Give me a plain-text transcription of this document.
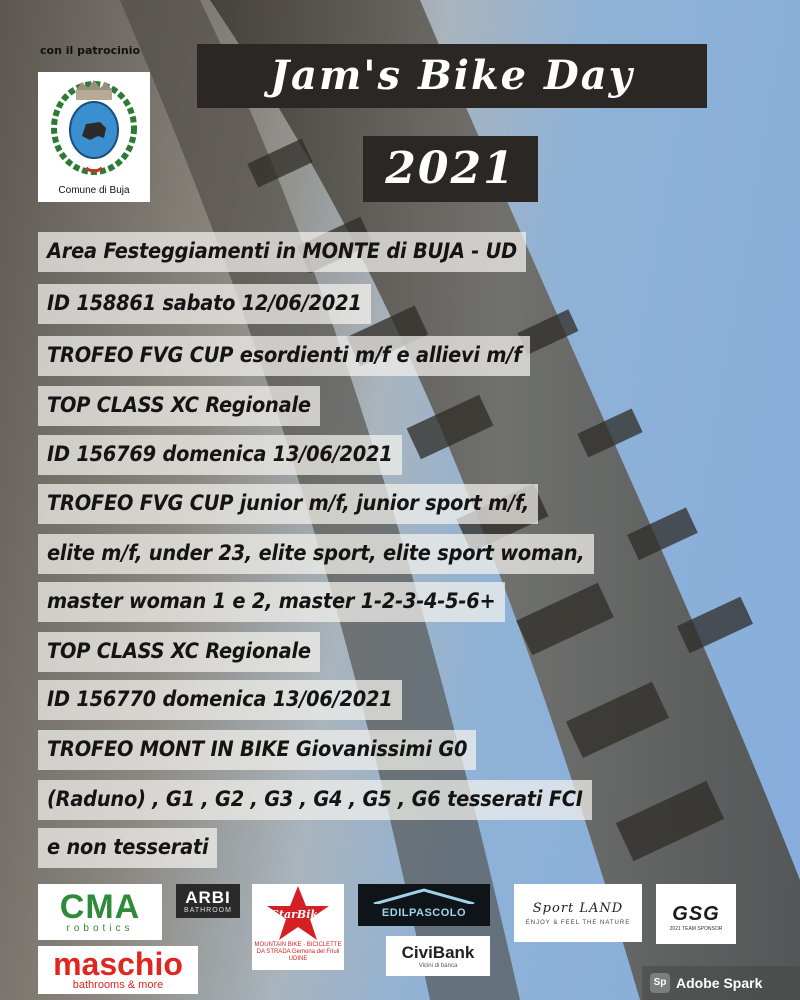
con il patrocinio
Comune di Buja
Jam's Bike Day
2021
Area Festeggiamenti in MONTE di BUJA - UD
ID 158861 sabato 12/06/2021
TROFEO FVG CUP esordienti m/f e allievi m/f
TOP CLASS XC Regionale
ID 156769 domenica 13/06/2021
TROFEO FVG CUP junior m/f, junior sport m/f,
elite m/f, under 23, elite sport, elite sport woman,
master woman 1 e 2, master 1-2-3-4-5-6+
TOP CLASS XC Regionale
ID 156770 domenica 13/06/2021
TROFEO MONT IN BIKE Giovanissimi G0
(Raduno) , G1 , G2 , G3 , G4 , G5 , G6 tesserati FCI
e non tesserati
CMA
robotics
ARBI
BATHROOM
maschio
bathrooms & more
StarBike
MOUNTAIN BIKE · BICICLETTE DA STRADA Gemona del Friuli UDINE
EDILPASCOLO
CiviBank
Vicini di banca
Sport LAND
ENJOY & FEEL THE NATURE GSG
2021 TEAM SPONSOR
Sp Adobe Spark
